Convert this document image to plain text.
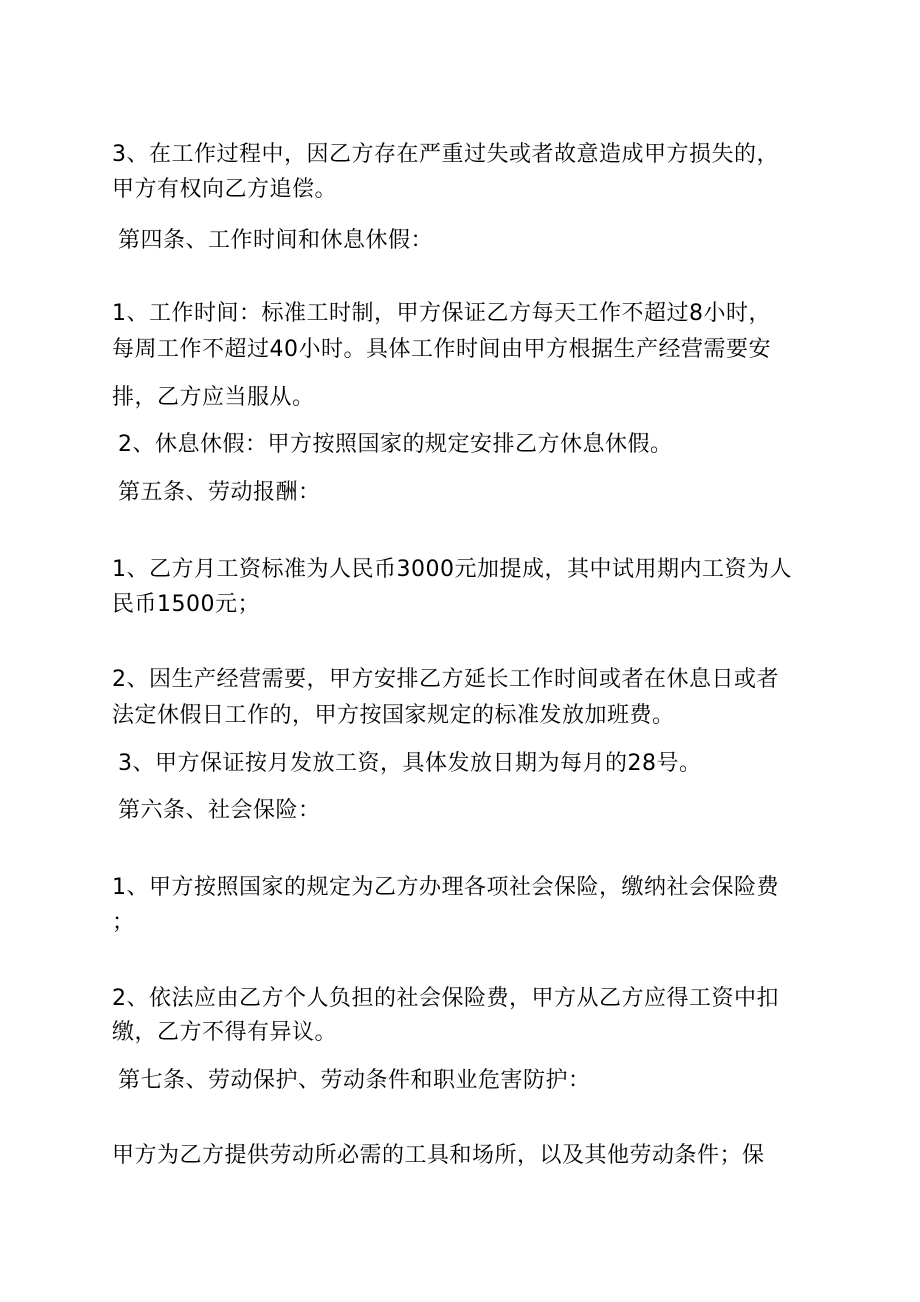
3、在工作过程中，因乙方存在严重过失或者故意造成甲方损失的，
甲方有权向乙方追偿。
第四条、工作时间和休息休假：
1、工作时间：标准工时制，甲方保证乙方每天工作不超过8小时，
每周工作不超过40小时。具体工作时间由甲方根据生产经营需要安
排，乙方应当服从。
2、休息休假：甲方按照国家的规定安排乙方休息休假。
第五条、劳动报酬：
1、乙方月工资标准为人民币3000元加提成，其中试用期内工资为人
民币1500元；
2、因生产经营需要，甲方安排乙方延长工作时间或者在休息日或者
法定休假日工作的，甲方按国家规定的标准发放加班费。
3、甲方保证按月发放工资，具体发放日期为每月的28号。
第六条、社会保险：
1、甲方按照国家的规定为乙方办理各项社会保险，缴纳社会保险费
；
2、依法应由乙方个人负担的社会保险费，甲方从乙方应得工资中扣
缴，乙方不得有异议。
第七条、劳动保护、劳动条件和职业危害防护：
甲方为乙方提供劳动所必需的工具和场所，以及其他劳动条件；保
